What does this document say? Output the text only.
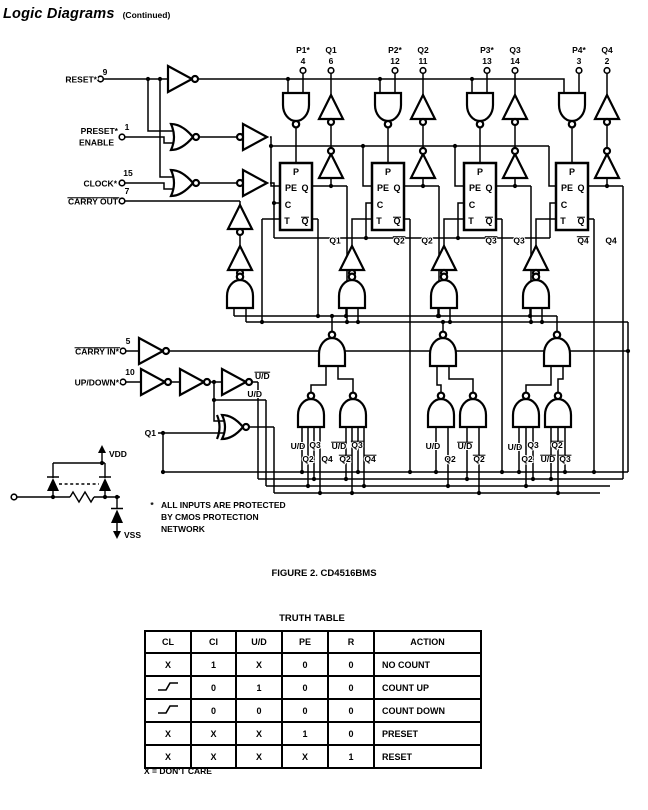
Logic Diagrams (Continued)
P1*
4
Q1
6
P2*
12
Q2
11
P3*
13
Q3
14
P4*
3
Q4
2
RESET*
9
PRESET*
ENABLE
1
CLOCK*
15
CARRY OUT
7
CARRY IN*
5
UP/DOWN*
10
P
PE Q
C
T Q
Q1
P
PE Q
C
T Q
Q2 Q2
P
PE Q
C
T Q
Q3 Q3
P
PE Q
C
T Q
Q4 Q4
U/D Q3
Q2 Q4
U/D Q3
Q2 Q4
U/D
Q2
U/D
Q2
U/D Q3
Q2
Q2
U/D Q3
U/D
U/D
Q1
VDD
VSS
* ALL INPUTS ARE PROTECTED
BY CMOS PROTECTION
NETWORK
FIGURE 2. CD4516BMS
TRUTH TABLE
CL	CI	U/D	PE	R	ACTION
X	1	X	0	0	NO COUNT
	0	1	0	0	COUNT UP
	0	0	0	0	COUNT DOWN
X	X	X	1	0	PRESET
X	X	X	X	1	RESET
X = DON'T CARE
